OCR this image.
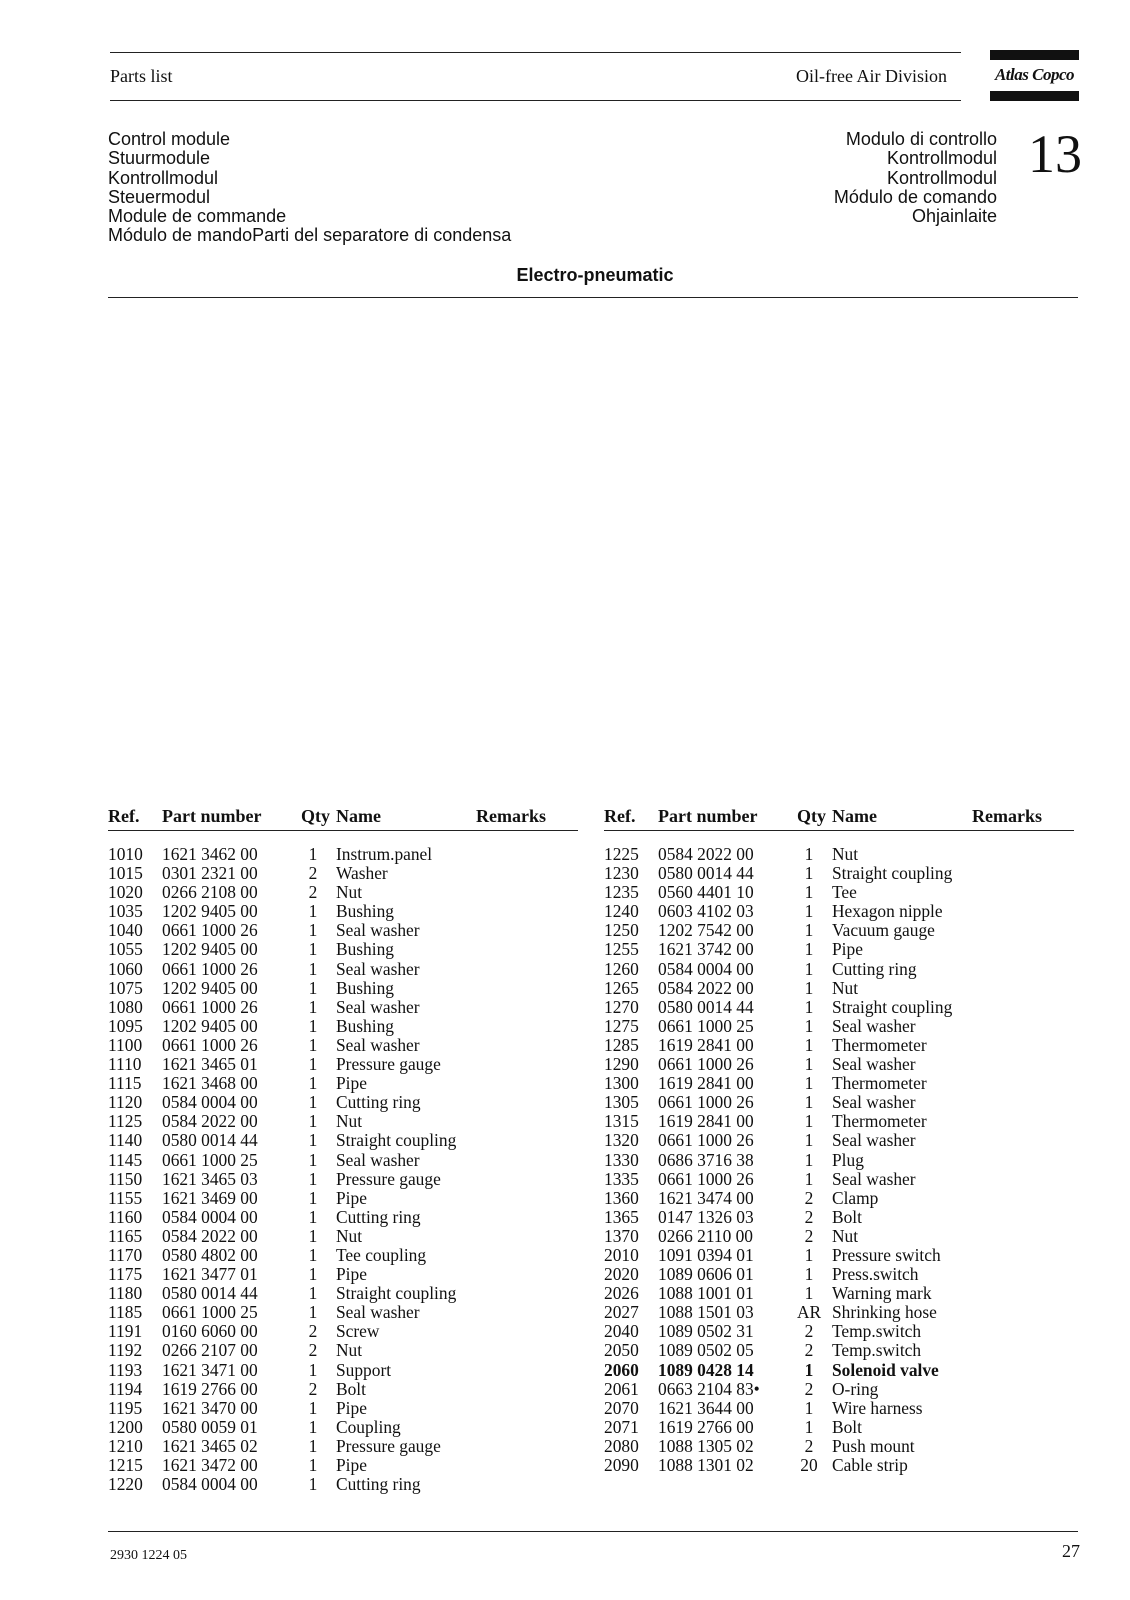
Parts list	Oil-free Air Division	Atlas Copco
Control module
Stuurmodule
Kontrollmodul
Steuermodul
Module de commande
Módulo de mandoParti del separatore di condensa
Modulo di controllo
Kontrollmodul
Kontrollmodul
Módulo de comando
Ohjainlaite
13
Electro-pneumatic
Ref. Part number Qty Name	Remarks
1010 1621 3462 00	1	Instrum.panel
1015 0301 2321 00	2	Washer
1020 0266 2108 00	2	Nut
1035 1202 9405 00	1	Bushing
1040 0661 1000 26	1	Seal washer
1055 1202 9405 00	1	Bushing
1060 0661 1000 26	1	Seal washer
1075 1202 9405 00	1	Bushing
1080 0661 1000 26	1	Seal washer
1095 1202 9405 00	1	Bushing
1100 0661 1000 26	1	Seal washer
1110 1621 3465 01	1	Pressure gauge
1115 1621 3468 00	1	Pipe
1120 0584 0004 00	1	Cutting ring
1125 0584 2022 00	1	Nut
1140 0580 0014 44	1	Straight coupling
1145 0661 1000 25	1	Seal washer
1150 1621 3465 03	1	Pressure gauge
1155 1621 3469 00	1	Pipe
1160 0584 0004 00	1	Cutting ring
1165 0584 2022 00	1	Nut
1170 0580 4802 00	1	Tee coupling
1175 1621 3477 01	1	Pipe
1180 0580 0014 44	1	Straight coupling
1185 0661 1000 25	1	Seal washer
1191 0160 6060 00	2	Screw
1192 0266 2107 00	2	Nut
1193 1621 3471 00	1	Support
1194 1619 2766 00	2	Bolt
1195 1621 3470 00	1	Pipe
1200 0580 0059 01	1	Coupling
1210 1621 3465 02	1	Pressure gauge
1215 1621 3472 00	1	Pipe
1220 0584 0004 00	1	Cutting ring
Ref. Part number Qty Name	Remarks
1225 0584 2022 00	1	Nut
1230 0580 0014 44	1	Straight coupling
1235 0560 4401 10	1	Tee
1240 0603 4102 03	1	Hexagon nipple
1250 1202 7542 00	1	Vacuum gauge
1255 1621 3742 00	1	Pipe
1260 0584 0004 00	1	Cutting ring
1265 0584 2022 00	1	Nut
1270 0580 0014 44	1	Straight coupling
1275 0661 1000 25	1	Seal washer
1285 1619 2841 00	1	Thermometer
1290 0661 1000 26	1	Seal washer
1300 1619 2841 00	1	Thermometer
1305 0661 1000 26	1	Seal washer
1315 1619 2841 00	1	Thermometer
1320 0661 1000 26	1	Seal washer
1330 0686 3716 38	1	Plug
1335 0661 1000 26	1	Seal washer
1360 1621 3474 00	2	Clamp
1365 0147 1326 03	2	Bolt
1370 0266 2110 00	2	Nut
2010 1091 0394 01	1	Pressure switch
2020 1089 0606 01	1	Press.switch
2026 1088 1001 01	1	Warning mark
2027 1088 1501 03 AR Shrinking hose
2040 1089 0502 31	2	Temp.switch
2050 1089 0502 05	2	Temp.switch
2060 1089 0428 14	1	Solenoid valve
2061 0663 2104 83•	2	O-ring
2070 1621 3644 00	1	Wire harness
2071 1619 2766 00	1	Bolt
2080 1088 1305 02	2	Push mount
2090 1088 1301 02	20 Cable strip
2930 1224 05	27
